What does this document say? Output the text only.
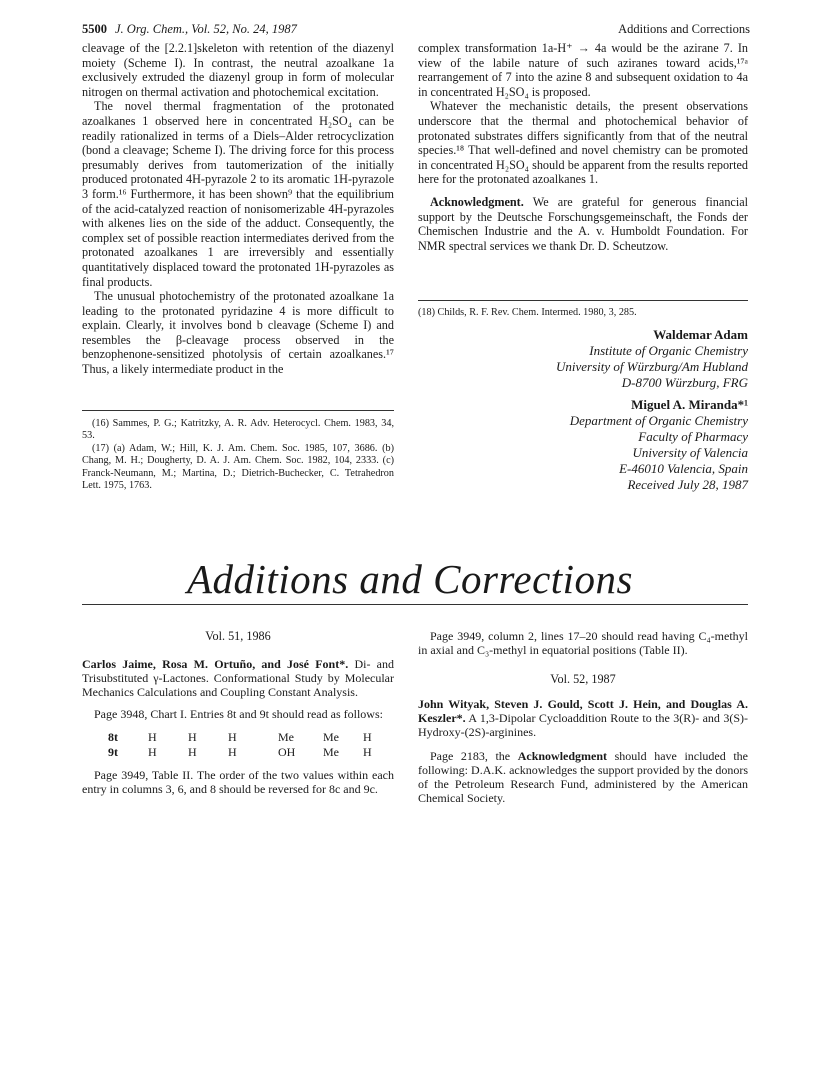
5500 J. Org. Chem., Vol. 52, No. 24, 1987	Additions and Corrections

cleavage of the [2.2.1]skeleton with retention of the diazenyl moiety (Scheme I). In contrast, the neutral azoalkane 1a exclusively extruded the diazenyl group in form of molecular nitrogen on thermal activation and photochemical excitation.

The novel thermal fragmentation of the protonated azoalkanes 1 observed here in concentrated H₂SO₄ can be readily rationalized in terms of a Diels–Alder retrocyclization (bond a cleavage; Scheme I). The driving force for this process presumably derives from tautomerization of the initially produced protonated 4H-pyrazole 2 to its aromatic 1H-pyrazole 3 form.¹⁶ Furthermore, it has been shown⁹ that the equilibrium of the acid-catalyzed reaction of nonisomerizable 4H-pyrazoles with alkenes lies on the side of the adduct. Consequently, the complex set of possible reaction intermediates derived from the protonated azoalkanes 1 are irreversibly and essentially quantitatively displaced toward the protonated 1H-pyrazoles as final products.

The unusual photochemistry of the protonated azoalkane 1a leading to the protonated pyridazine 4 is more difficult to explain. Clearly, it involves bond b cleavage (Scheme I) and resembles the β-cleavage process observed in the benzophenone-sensitized photolysis of certain azoalkanes.¹⁷ Thus, a likely intermediate product in the

(16) Sammes, P. G.; Katritzky, A. R. Adv. Heterocycl. Chem. 1983, 34, 53.

(17) (a) Adam, W.; Hill, K. J. Am. Chem. Soc. 1985, 107, 3686. (b) Chang, M. H.; Dougherty, D. A. J. Am. Chem. Soc. 1982, 104, 2333. (c) Franck-Neumann, M.; Martina, D.; Dietrich-Buchecker, C. Tetrahedron Lett. 1975, 1763.

complex transformation 1a-H⁺ → 4a would be the azirane 7. In view of the labile nature of such aziranes toward acids,¹⁷ᵃ rearrangement of 7 into the azine 8 and subsequent oxidation to 4a in concentrated H₂SO₄ is proposed.

Whatever the mechanistic details, the present observations underscore that the thermal and photochemical behavior of protonated substrates differs significantly from that of the neutral species.¹⁸ That well-defined and novel chemistry can be promoted in concentrated H₂SO₄ should be apparent from the results reported here for the protonated azoalkanes 1.

Acknowledgment. We are grateful for generous financial support by the Deutsche Forschungsgemeinschaft, the Fonds der Chemischen Industrie and the A. v. Humboldt Foundation. For NMR spectral services we thank Dr. D. Scheutzow.

(18) Childs, R. F. Rev. Chem. Intermed. 1980, 3, 285.
Waldemar Adam
Institute of Organic Chemistry
University of Würzburg/Am Hubland
D-8700 Würzburg, FRG
Miguel A. Miranda*¹
Department of Organic Chemistry
Faculty of Pharmacy
University of Valencia
E-46010 Valencia, Spain
Received July 28, 1987
Additions and Corrections
Vol. 51, 1986

Carlos Jaime, Rosa M. Ortuño, and José Font*. Di- and Trisubstituted γ-Lactones. Conformational Study by Molecular Mechanics Calculations and Coupling Constant Analysis.

Page 3948, Chart I. Entries 8t and 9t should read as follows:

8t	H	H	H	Me	Me	H
9t	H	H	H	OH	Me	H

Page 3949, Table II. The order of the two values within each entry in columns 3, 6, and 8 should be reversed for 8c and 9c.

Page 3949, column 2, lines 17–20 should read having C₄-methyl in axial and C₃-methyl in equatorial positions (Table II).

Vol. 52, 1987

John Wityak, Steven J. Gould, Scott J. Hein, and Douglas A. Keszler*. A 1,3-Dipolar Cycloaddition Route to the 3(R)- and 3(S)-Hydroxy-(2S)-arginines.

Page 2183, the Acknowledgment should have included the following: D.A.K. acknowledges the support provided by the donors of the Petroleum Research Fund, administered by the American Chemical Society.
